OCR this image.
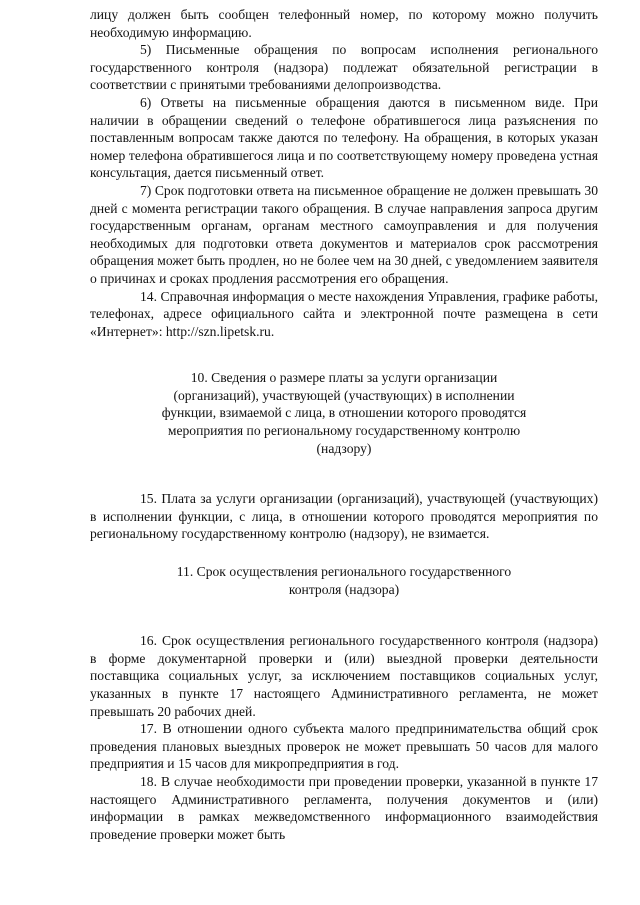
лицу должен быть сообщен телефонный номер, по которому можно получить необходимую информацию.

5) Письменные обращения по вопросам исполнения регионального государственного контроля (надзора) подлежат обязательной регистрации в соответствии с принятыми требованиями делопроизводства.

6) Ответы на письменные обращения даются в письменном виде. При наличии в обращении сведений о телефоне обратившегося лица разъяснения по поставленным вопросам также даются по телефону. На обращения, в которых указан номер телефона обратившегося лица и по соответствующему номеру проведена устная консультация, дается письменный ответ.

7) Срок подготовки ответа на письменное обращение не должен превышать 30 дней с момента регистрации такого обращения. В случае направления запроса другим государственным органам, органам местного самоуправления и для получения необходимых для подготовки ответа документов и материалов срок рассмотрения обращения может быть продлен, но не более чем на 30 дней, с уведомлением заявителя о причинах и сроках продления рассмотрения его обращения.

14. Справочная информация о месте нахождения Управления, графике работы, телефонах, адресе официального сайта и электронной почте размещена в сети «Интернет»: http://szn.lipetsk.ru.

10. Сведения о размере платы за услуги организации
(организаций), участвующей (участвующих) в исполнении
функции, взимаемой с лица, в отношении которого проводятся
мероприятия по региональному государственному контролю
(надзору)

15. Плата за услуги организации (организаций), участвующей (участвующих) в исполнении функции, с лица, в отношении которого проводятся мероприятия по региональному государственному контролю (надзору), не взимается.

11. Срок осуществления регионального государственного
контроля (надзора)

16. Срок осуществления регионального государственного контроля (надзора) в форме документарной проверки и (или) выездной проверки деятельности поставщика социальных услуг, за исключением поставщиков социальных услуг, указанных в пункте 17 настоящего Административного регламента, не может превышать 20 рабочих дней.

17. В отношении одного субъекта малого предпринимательства общий срок проведения плановых выездных проверок не может превышать 50 часов для малого предприятия и 15 часов для микропредприятия в год.

18. В случае необходимости при проведении проверки, указанной в пункте 17 настоящего Административного регламента, получения документов и (или) информации в рамках межведомственного информационного взаимодействия проведение проверки может быть
